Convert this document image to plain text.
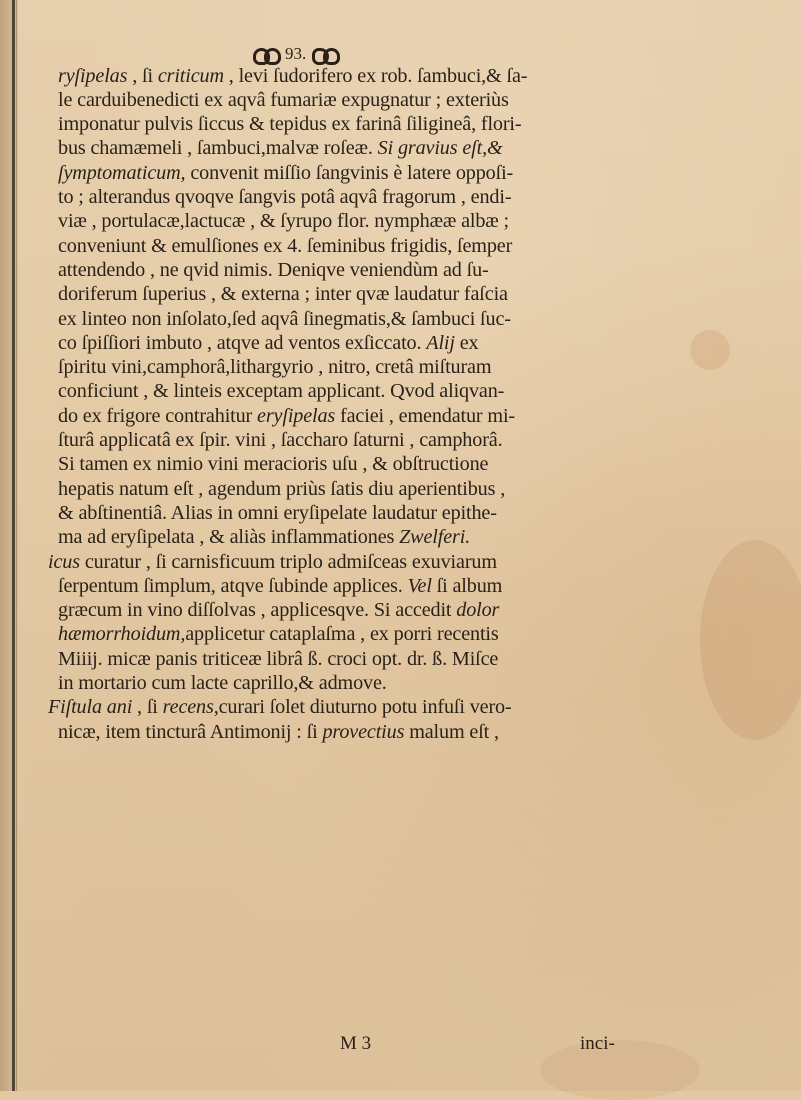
93.
ryſipelas , ſi criticum , levi ſudorifero ex rob. ſambuci,& ſa-
le carduibenedicti ex aqvâ fumariæ expugnatur ; exteriùs
imponatur pulvis ſiccus & tepidus ex farinâ ſiligineâ, flori-
bus chamæmeli , ſambuci,malvæ roſeæ. Si gravius eſt,&
ſymptomaticum, convenit miſſio ſangvinis è latere oppoſi-
to ; alterandus qvoqve ſangvis potâ aqvâ fragorum , endi-
viæ , portulacæ,lactucæ , & ſyrupo flor. nymphææ albæ ;
conveniunt & emulſiones ex 4. ſeminibus frigidis, ſemper
attendendo , ne qvid nimis. Deniqve veniendùm ad ſu-
doriferum ſuperius , & externa ; inter qvæ laudatur faſcia
ex linteo non inſolato,ſed aqvâ ſinegmatis,& ſambuci ſuc-
co ſpiſſiori imbuto , atqve ad ventos exſiccato. Alij ex
ſpiritu vini,camphorâ,lithargyrio , nitro, cretâ miſturam
conficiunt , & linteis exceptam applicant. Qvod aliqvan-
do ex frigore contrahitur eryſipelas faciei , emendatur mi-
ſturâ applicatâ ex ſpir. vini , ſaccharo ſaturni , camphorâ.
Si tamen ex nimio vini meracioris uſu , & obſtructione
hepatis natum eſt , agendum priùs ſatis diu aperientibus ,
& abſtinentiâ. Alias in omni eryſipelate laudatur epithe-
ma ad eryſipelata , & aliàs inflammationes Zwelferi.
icus curatur , ſi carnisficuum triplo admiſceas exuviarum
ſerpentum ſimplum, atqve ſubinde applices. Vel ſi album
græcum in vino diſſolvas , applicesqve. Si accedit dolor
hæmorrhoidum,applicetur cataplaſma , ex porri recentis
Miiij. micæ panis triticeæ librâ ß. croci opt. dr. ß. Miſce
in mortario cum lacte caprillo,& admove.
Fiſtula ani , ſi recens,curari ſolet diuturno potu infuſi vero-
nicæ, item tincturâ Antimonij : ſi provectius malum eſt ,
M 3	inci-
